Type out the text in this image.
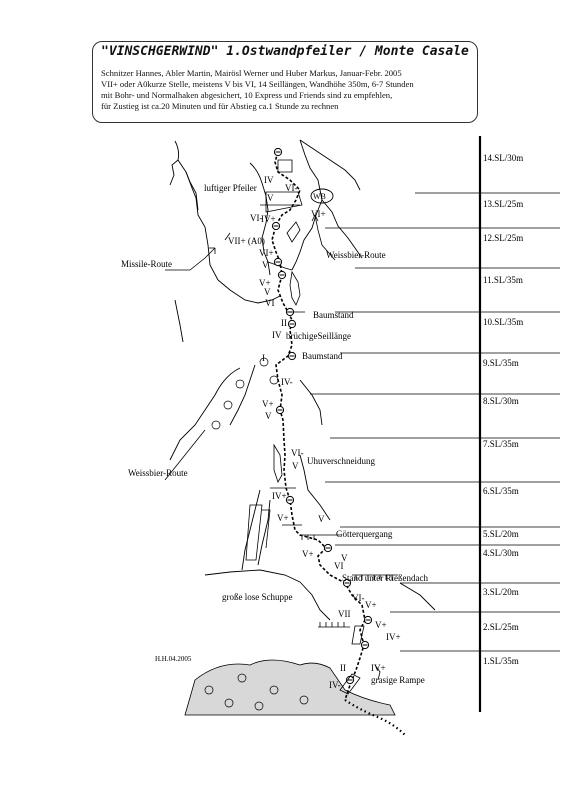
"VINSCHGERWIND" 1.Ostwandpfeiler / Monte Casale
Schnitzer Hannes, Abler Martin, Mairösl Werner und Huber Markus, Januar-Febr. 2005
VII+ oder A0kurze Stelle, meistens V bis VI, 14 Seillängen, Wandhöhe 350m, 6-7 Stunden
mit Bohr- und Normalhaken abgesichert, 10 Express und Friends sind zu empfehlen,
für Zustieg ist ca.20 Minuten und für Abstieg ca.1 Stunde zu rechnen
14.SL/30m
13.SL/25m
12.SL/25m
11.SL/35m
10.SL/35m
9.SL/35m
8.SL/30m
7.SL/35m
6.SL/35m
5.SL/20m
4.SL/30m
3.SL/20m
2.SL/25m
1.SL/35m
luftiger Pfeiler
Missile-Route
Weissbier-Route
Weissbier-Route
WB
Baumstand
brüchigeSeillänge
Baumstand
Uhuverschneidung
Götterquergang
Stand unter Rießendach
große lose Schuppe
grasige Rampe
H.H.04.2005
IV
VI-
V
VI+
IV+
VI-
VII+ (A0)
VI+
V
V+
V
VI
II
IV
I
IV-
V+
V
VI-
V
IV+
V+	V
V+
VI
V
VI-
VII
V+
IV+
V+
II	IV+
IV-
